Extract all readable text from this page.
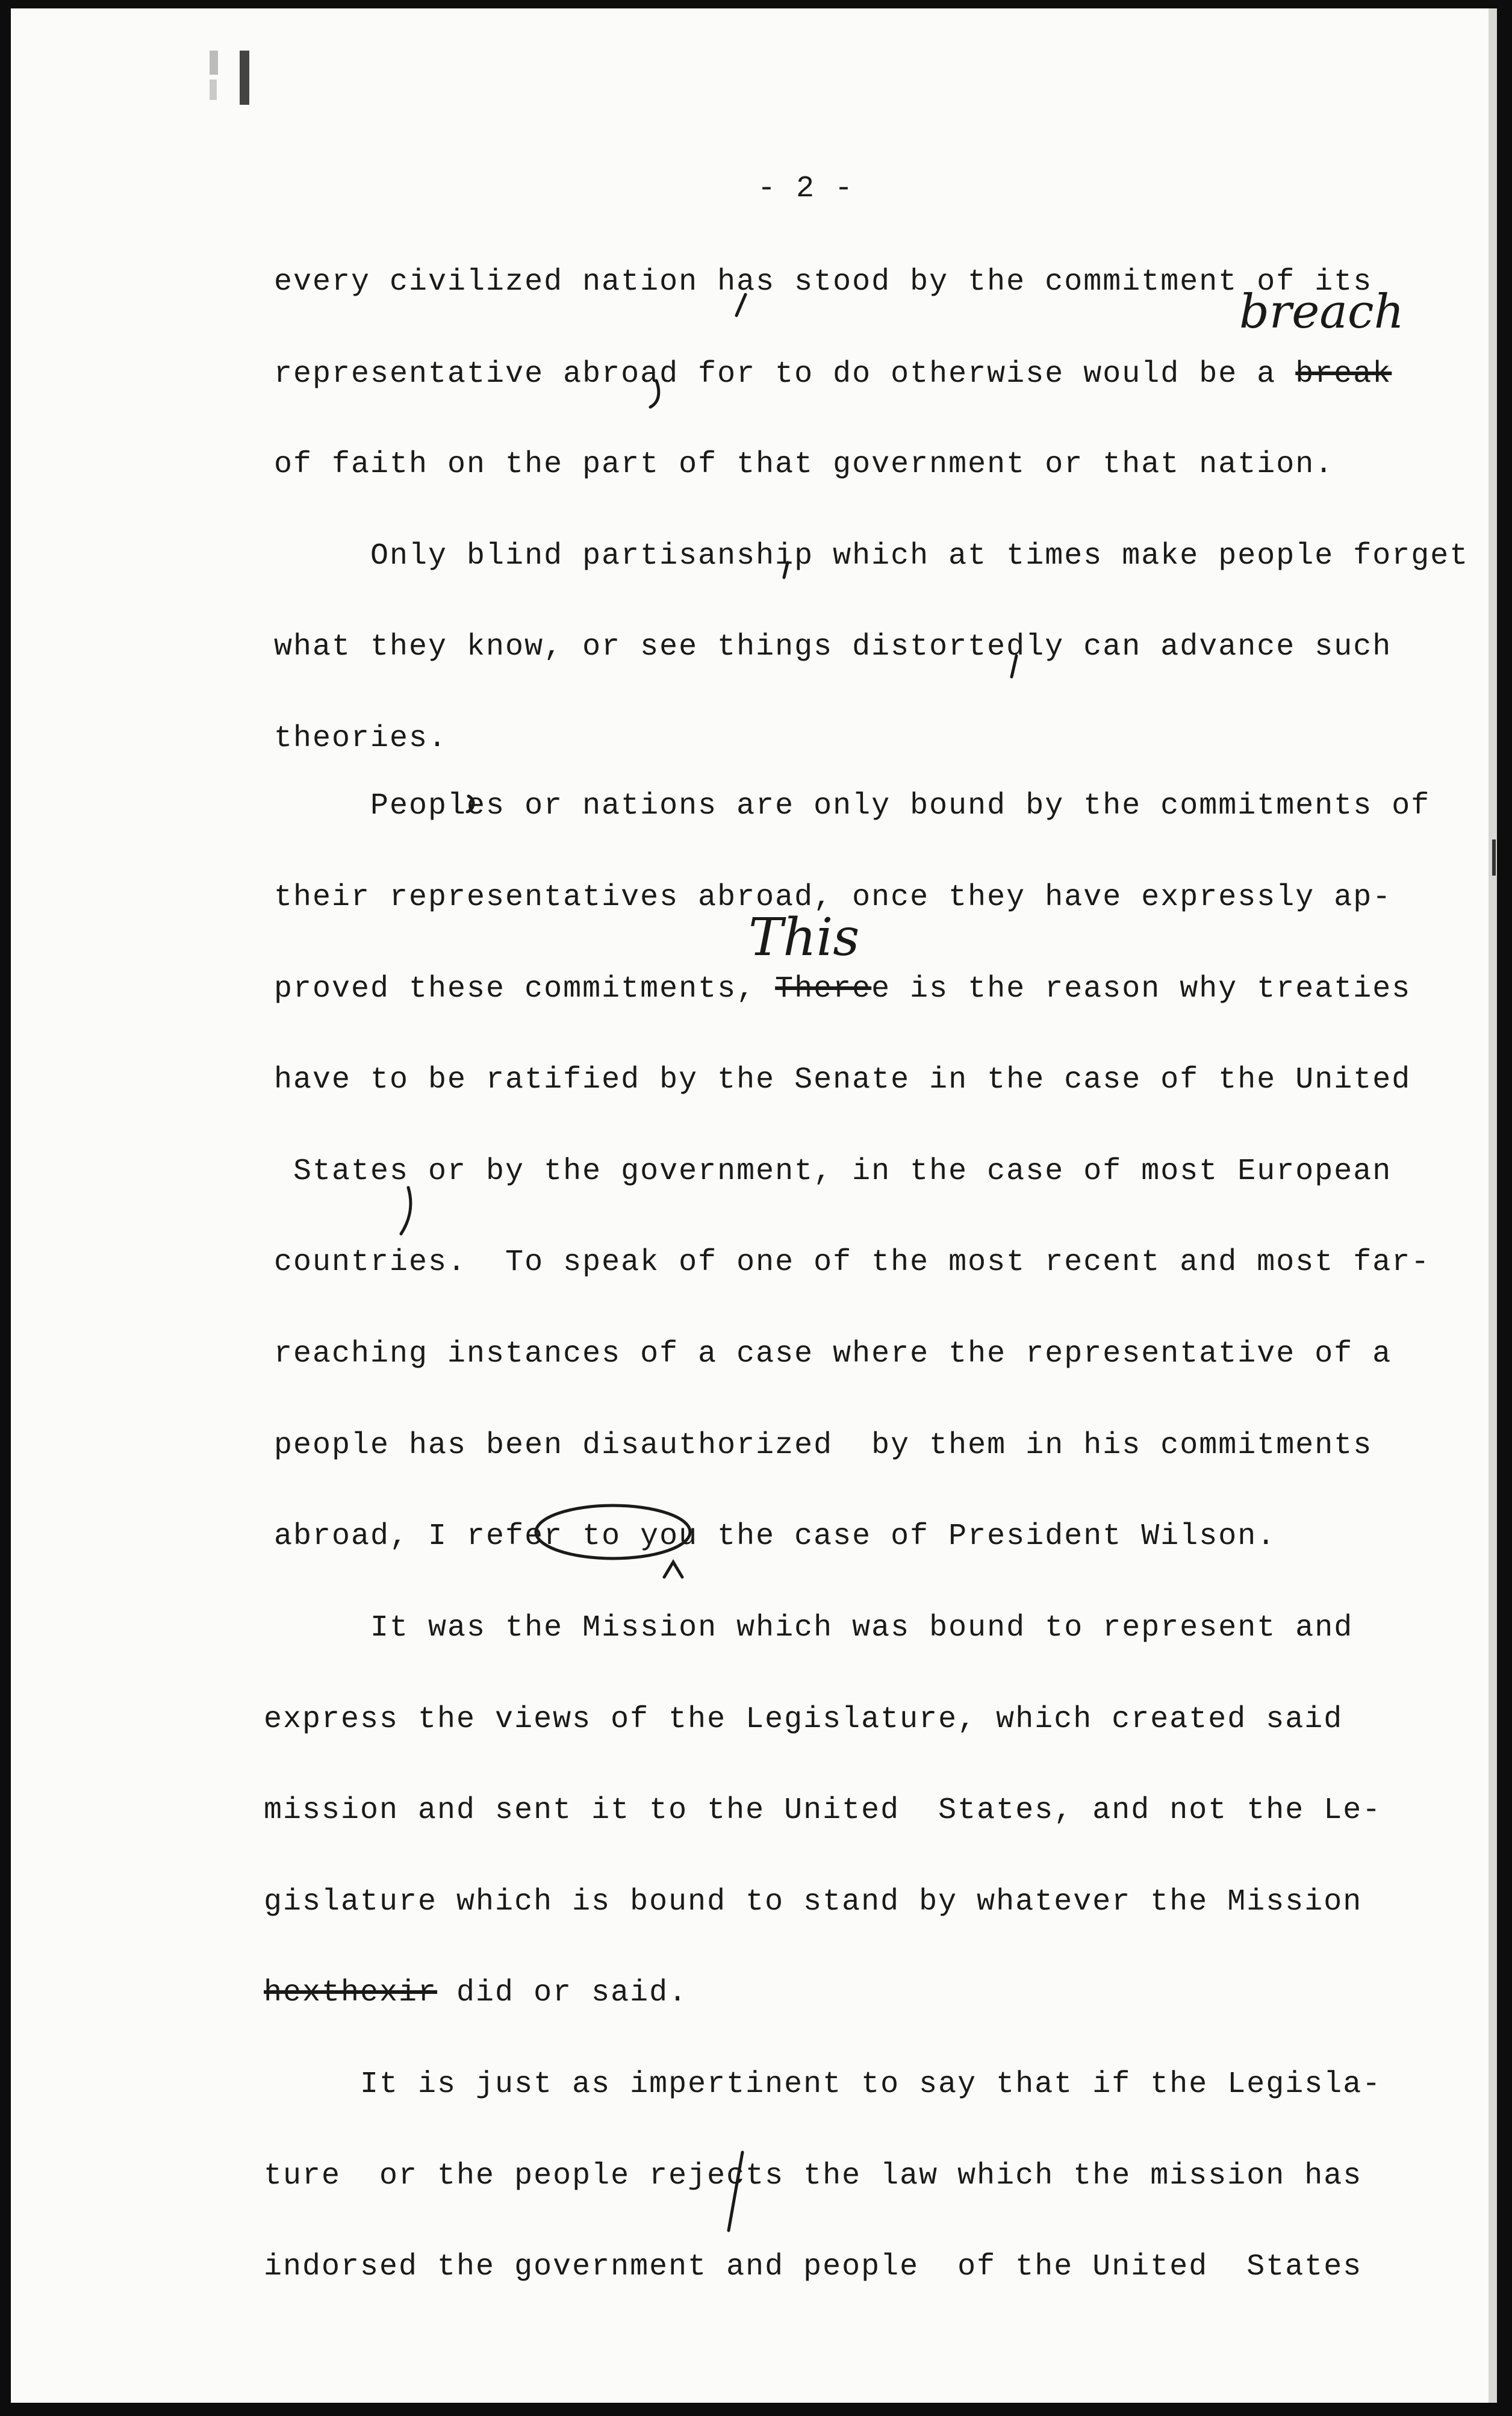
- 2 -
every civilized nation has stood by the commitment of its
representative abroad for to do otherwise would be a break
of faith on the part of that government or that nation.
Only blind partisanship which at times make people forget
what they know, or see things distortedly can advance such
theories.
Peoples or nations are only bound by the commitments of
their representatives abroad, once they have expressly ap-
proved these commitments, Theree is the reason why treaties
have to be ratified by the Senate in the case of the United
States or by the government, in the case of most European
countries.  To speak of one of the most recent and most far-
reaching instances of a case where the representative of a
people has been disauthorized  by them in his commitments
abroad, I refer to you the case of President Wilson.
It was the Mission which was bound to represent and
express the views of the Legislature, which created said
mission and sent it to the United  States, and not the Le-
gislature which is bound to stand by whatever the Mission
hexthexir did or said.
It is just as impertinent to say that if the Legisla-
ture  or the people rejects the law which the mission has
indorsed the government and people  of the United  States
breach
This
